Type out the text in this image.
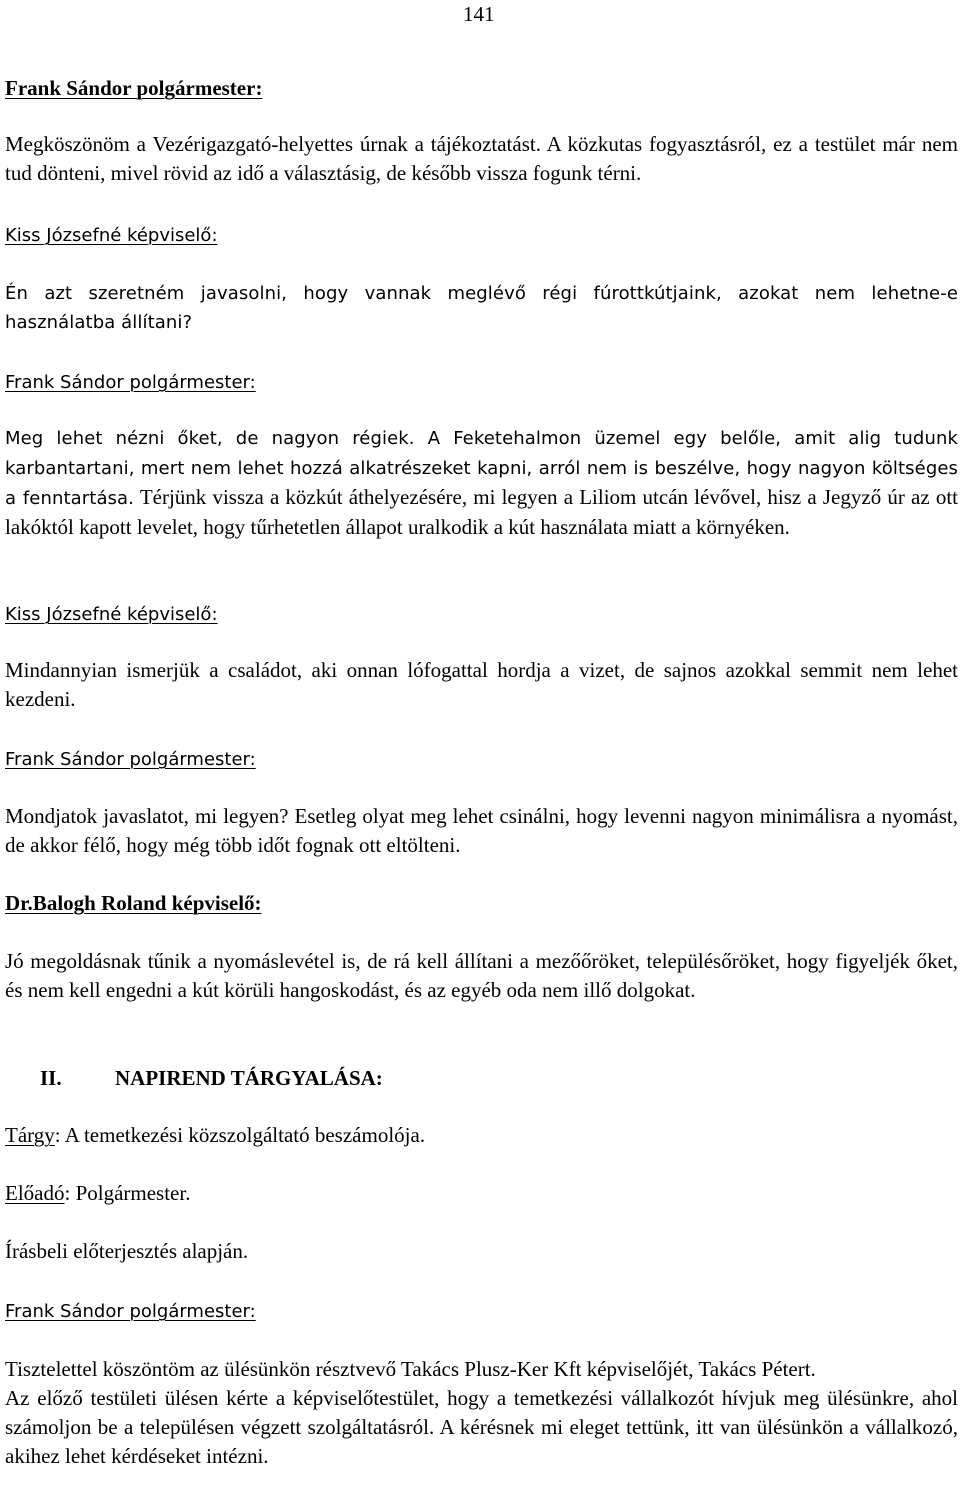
141
Frank Sándor polgármester:

Megköszönöm a Vezérigazgató-helyettes úrnak a tájékoztatást. A közkutas fogyasztásról, ez a testület már nem tud dönteni, mivel rövid az idő a választásig, de később vissza fogunk térni.

Kiss Józsefné képviselő:

Én azt szeretném javasolni, hogy vannak meglévő régi fúrottkútjaink, azokat nem lehetne-e használatba állítani?

Frank Sándor polgármester:

Meg lehet nézni őket, de nagyon régiek. A Feketehalmon üzemel egy belőle, amit alig tudunk karbantartani, mert nem lehet hozzá alkatrészeket kapni, arról nem is beszélve, hogy nagyon költséges a fenntartása. Térjünk vissza a közkút áthelyezésére, mi legyen a Liliom utcán lévővel, hisz a Jegyző úr az ott lakóktól kapott levelet, hogy tűrhetetlen állapot uralkodik a kút használata miatt a környéken.

Kiss Józsefné képviselő:

Mindannyian ismerjük a családot, aki onnan lófogattal hordja a vizet, de sajnos azokkal semmit nem lehet kezdeni.

Frank Sándor polgármester:

Mondjatok javaslatot, mi legyen? Esetleg olyat meg lehet csinálni, hogy levenni nagyon minimálisra a nyomást, de akkor félő, hogy még több időt fognak ott eltölteni.

Dr.Balogh Roland képviselő:

Jó megoldásnak tűnik a nyomáslevétel is, de rá kell állítani a mezőőröket, településőröket, hogy figyeljék őket, és nem kell engedni a kút körüli hangoskodást, és az egyéb oda nem illő dolgokat.

II.	NAPIREND TÁRGYALÁSA:
Tárgy: A temetkezési közszolgáltató beszámolója.
Előadó: Polgármester.
Írásbeli előterjesztés alapján.
Frank Sándor polgármester:

Tisztelettel köszöntöm az ülésünkön résztvevő Takács Plusz-Ker Kft képviselőjét, Takács Pétert.

Az előző testületi ülésen kérte a képviselőtestület, hogy a temetkezési vállalkozót hívjuk meg ülésünkre, ahol számoljon be a településen végzett szolgáltatásról. A kérésnek mi eleget tettünk, itt van ülésünkön a vállalkozó, akihez lehet kérdéseket intézni.
